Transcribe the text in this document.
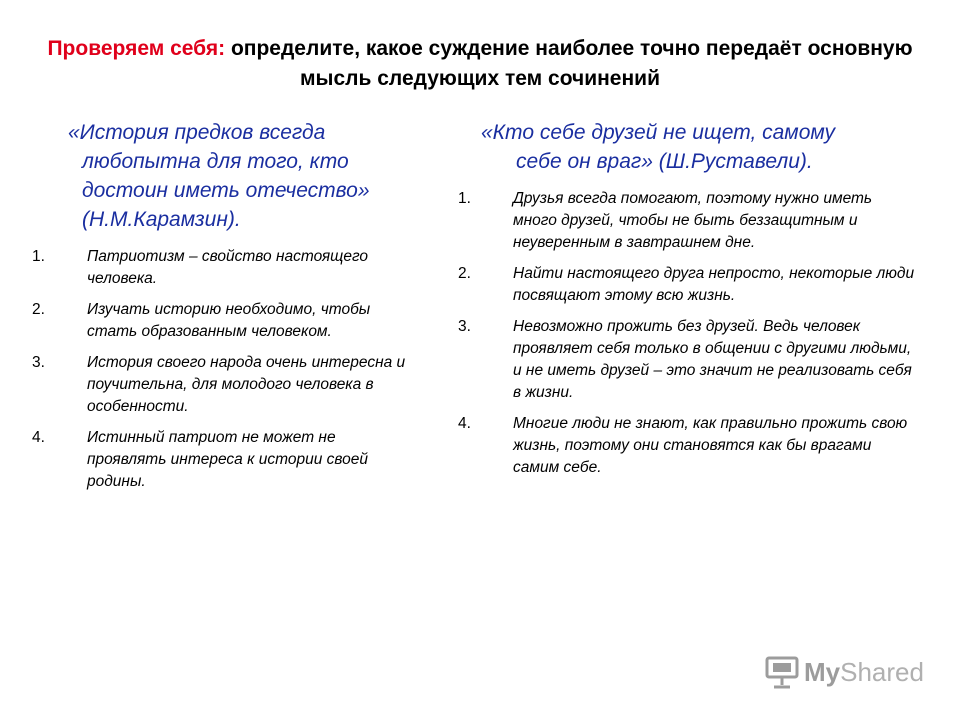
Проверяем себя: определите, какое суждение наиболее точно передаёт основную мысль следующих тем сочинений

«История предков всегда любопытна для того, кто достоин иметь отечество» (Н.М.Карамзин).

1.	Патриотизм – свойство настоящего человека.
2.	Изучать историю необходимо, чтобы стать образованным человеком.
3.	История своего народа очень интересна и поучительна, для молодого человека в особенности.
4.	Истинный патриот не может не проявлять интереса к истории своей родины.

«Кто себе друзей не ищет, самому себе он враг» (Ш.Руставели).

1.	Друзья всегда помогают, поэтому нужно иметь много друзей, чтобы не быть беззащитным и неуверенным в завтрашнем дне.
2.	Найти настоящего друга непросто, некоторые люди посвящают этому всю жизнь.
3.	Невозможно прожить без друзей. Ведь человек проявляет себя только в общении с другими людьми, и не иметь друзей – это значит не реализовать себя в жизни.
4.	Многие люди не знают, как правильно прожить свою жизнь, поэтому они становятся как бы врагами самим себе.
MyShared
